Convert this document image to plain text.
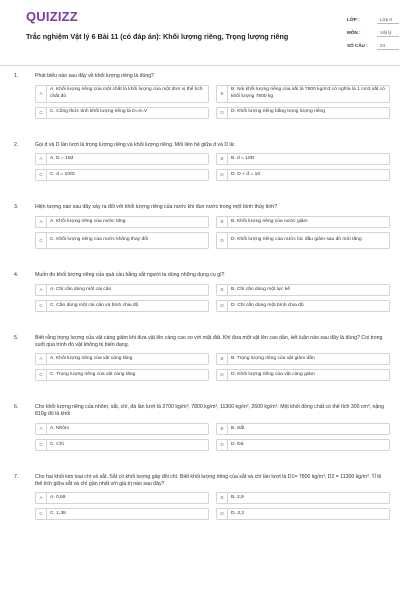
QUIZIZZ
Trắc nghiệm Vật lý 6 Bài 11 (có đáp án): Khối lượng riêng, Trọng lượng riêng
LỚP :	Lớp 6
MÔN :	Vật lý
SỐ CÂU :	24
1.	Phát biểu nào sau đây về khối lượng riêng là đúng?
A
A. Khối lượng riêng của một chất là khối lượng của một đơn vị thể tích chất đó
B
B. Nói khối lượng riêng của sắt là 7800 kg/m3 có nghĩa là 1 cm3 sắt có khối lượng 7800 kg
C	C. Công thức tính khối lượng riêng là D=m.V	D	D. Khối lượng riêng bằng trọng lượng riêng
2.	Gọi d và D lần lượt là trọng lượng riêng và khối lượng riêng. Mối liên hệ giữa d và D là:
A	A. D = 10d	B	B. d = 10D
C	C. d = 10/D	D	D. D + d = 10
3.	Hiện tượng nào sau đây xảy ra đối với khối lượng riêng của nước khi đun nước trong một bình thủy tinh?
A	A. Khối lượng riêng của nước tăng	B	B. Khối lượng riêng của nước giảm
C	C. Khối lượng riêng của nước không thay đổi	D	D. Khối lượng riêng của nước lúc đầu giảm sau đó mới tăng
4.	Muốn đo khối lượng riêng của quả cầu bằng sắt người ta dùng những dụng cụ gì?
A	A. Chỉ cần dùng một cái cân	B	B. Chỉ cần dùng một lực kế
C	C. Cần dùng một cái cân và bình chia độ	D	D. Chỉ cần dùng một bình chia độ
5.	Biết rằng trọng lượng của vật càng giảm khi đưa vật lên càng cao so với mặt đất. Khi đưa một vật lên cao dần, kết luận nào sau đây là đúng? Coi trong suốt quá trình đó vật không bị biến dạng.
A	A. Khối lượng riêng của vật càng tăng	B	B. Trọng lượng riêng của vật giảm dần
C	C. Trọng lượng riêng của vật càng tăng	D	D. Khối lượng riêng của vật càng giảm
6.	Cho khối lượng riêng của nhôm, sắt, chì, đá lần lượt là 2700 kg/m³, 7800 kg/m³, 11300 kg/m³, 2600 kg/m³. Một khối đồng chất có thể tích 300 cm³, nặng 810g đó là khối
A	A. Nhôm	B	B. Sắt
C	C. Chì	D	D. Đá
7.	Cho hai khối kim loại chì và sắt. Sắt có khối lượng gấp đôi chì. Biết khối lượng riêng của sắt và chì lần lượt là D1= 7800 kg/m³, D2 = 11300 kg/m³. Tỉ lệ thể tích giữa sắt và chì gần nhất với giá trị nào sau đây?
A	A. 0,69	B	B. 2,9
C	C. 1,38	D	D. 3,2
